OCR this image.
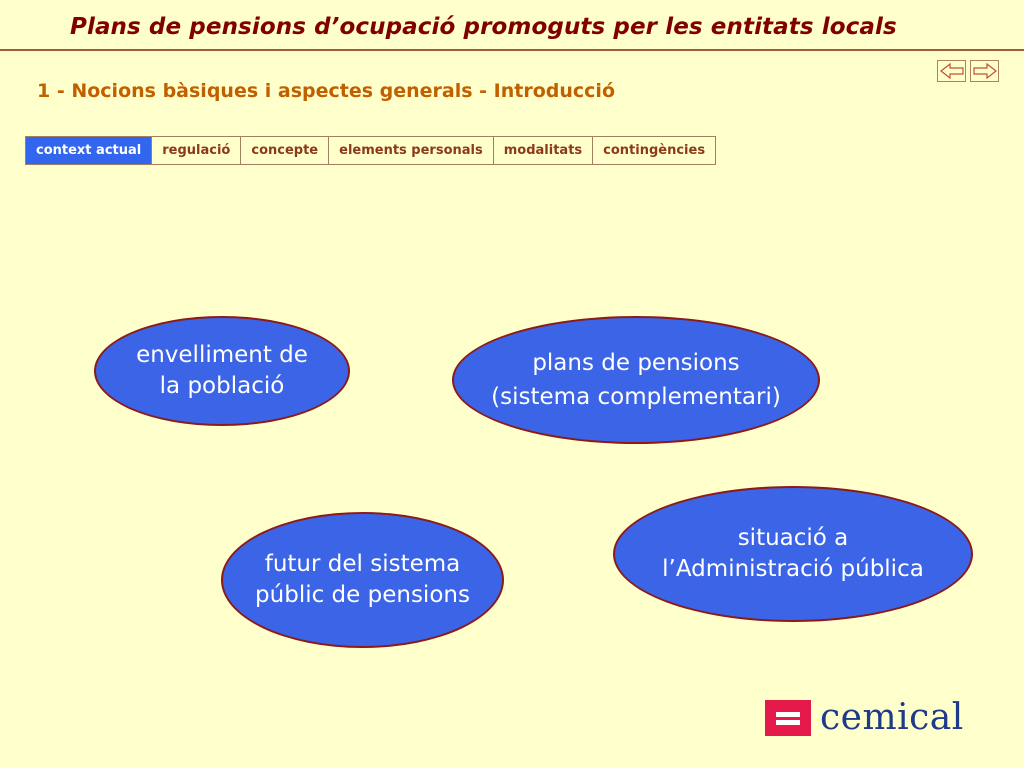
Plans de pensions d’ocupació promoguts per les entitats locals
1 - Nocions bàsiques i aspectes generals - Introducció
context actual	regulació	concepte	elements personals	modalitats	contingències
envelliment de
la població
plans de pensions
(sistema complementari)
futur del sistema
públic de pensions
situació a
l’Administració pública
cemical
